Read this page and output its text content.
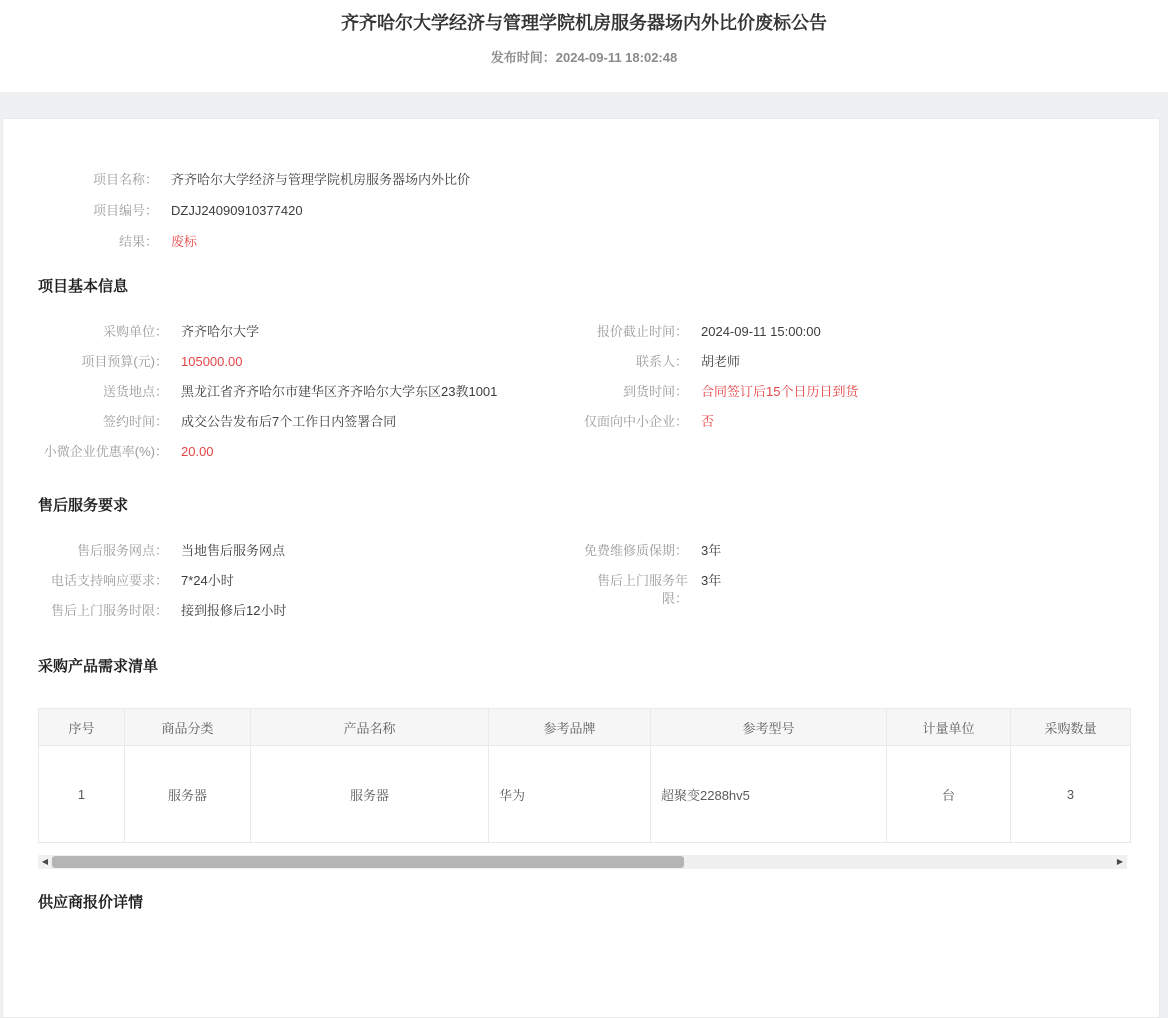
齐齐哈尔大学经济与管理学院机房服务器场内外比价废标公告
发布时间：2024-09-11 18:02:48
项目名称： 齐齐哈尔大学经济与管理学院机房服务器场内外比价
项目编号： DZJJ24090910377420
结果： 废标
项目基本信息
采购单位： 齐齐哈尔大学
项目预算(元)： 105000.00
送货地点： 黑龙江省齐齐哈尔市建华区齐齐哈尔大学东区23教1001
签约时间： 成交公告发布后7个工作日内签署合同
小微企业优惠率(%)： 20.00
报价截止时间： 2024-09-11 15:00:00
联系人： 胡老师
到货时间： 合同签订后15个日历日到货
仅面向中小企业： 否
售后服务要求
售后服务网点： 当地售后服务网点
电话支持响应要求： 7*24小时
售后上门服务时限： 接到报修后12小时
免费维修质保期： 3年
售后上门服务年限：
3年
采购产品需求清单
序号	商品分类	产品名称	参考品牌	参考型号	计量单位	采购数量
1	服务器	服务器	华为	超聚变2288hv5	台	3
◀	▶
供应商报价详情
